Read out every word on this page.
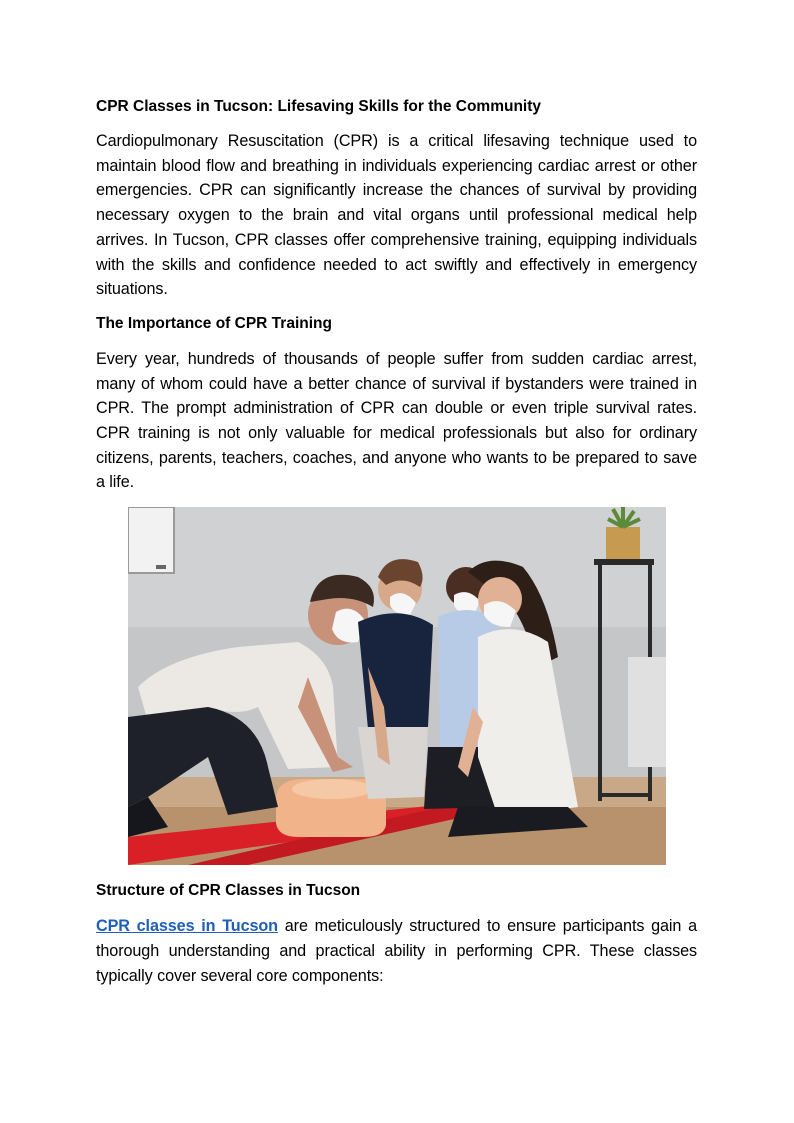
CPR Classes in Tucson: Lifesaving Skills for the Community

Cardiopulmonary Resuscitation (CPR) is a critical lifesaving technique used to maintain blood flow and breathing in individuals experiencing cardiac arrest or other emergencies. CPR can significantly increase the chances of survival by providing necessary oxygen to the brain and vital organs until professional medical help arrives. In Tucson, CPR classes offer comprehensive training, equipping individuals with the skills and confidence needed to act swiftly and effectively in emergency situations.

The Importance of CPR Training

Every year, hundreds of thousands of people suffer from sudden cardiac arrest, many of whom could have a better chance of survival if bystanders were trained in CPR. The prompt administration of CPR can double or even triple survival rates. CPR training is not only valuable for medical professionals but also for ordinary citizens, parents, teachers, coaches, and anyone who wants to be prepared to save a life.

Structure of CPR Classes in Tucson

CPR classes in Tucson are meticulously structured to ensure participants gain a thorough understanding and practical ability in performing CPR. These classes typically cover several core components:
